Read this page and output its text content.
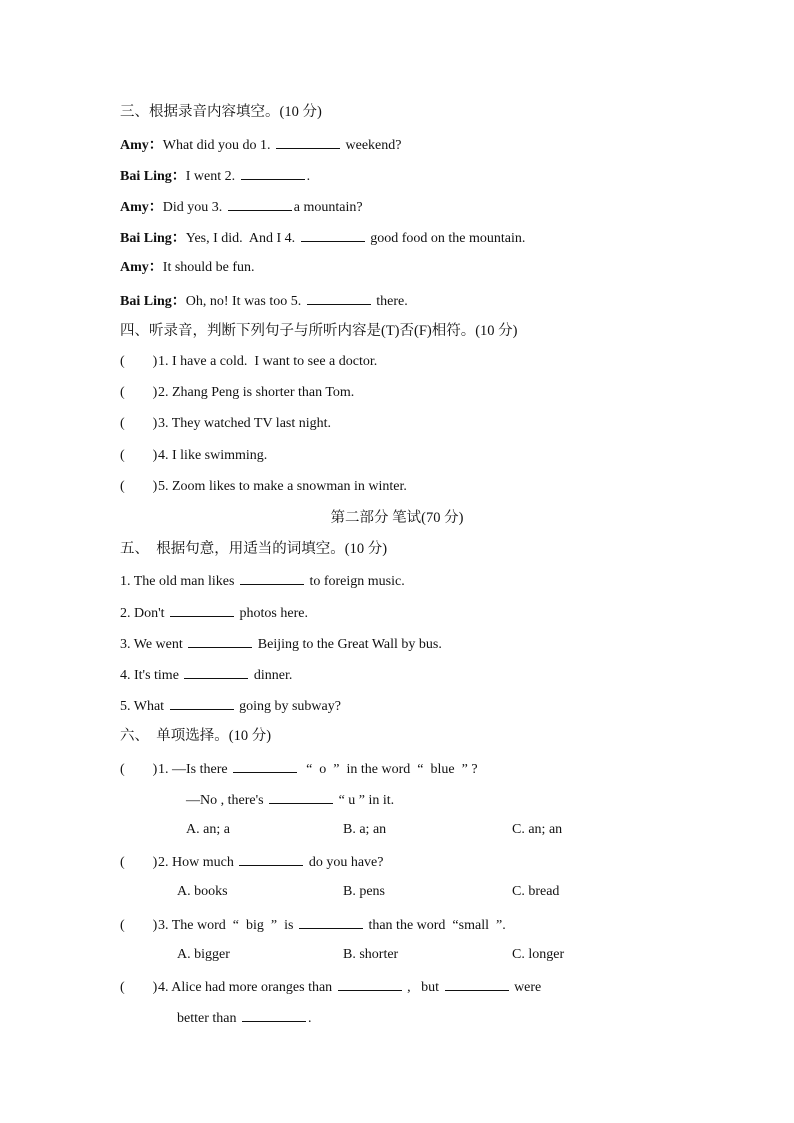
三、根据录音内容填空。(10 分)
Amy：What did you do 1.	weekend?
Bai Ling：I went 2.	.
Amy：Did you 3.	a mountain?
Bai Ling：Yes, I did.  And I 4.	good food on the mountain.
Amy：It should be fun.
Bai Ling：Oh, no! It was too 5.	there.
四、听录音，判断下列句子与所听内容是(T)否(F)相符。(10 分)
(        )1. I have a cold.  I want to see a doctor.
(        )2. Zhang Peng is shorter than Tom.
(        )3. They watched TV last night.
(        )4. I like swimming.
(        )5. Zoom likes to make a snowman in winter.
第二部分 笔试(70 分)
五、  根据句意，用适当的词填空。(10 分)
1. The old man likes	to foreign music.
2. Don't	photos here.
3. We went	Beijing to the Great Wall by bus.
4. It's time	dinner.
5. What	going by subway?
六、  单项选择。(10 分)
(        )1. —Is there	“  o  ”  in the word  “  blue  ” ?
—No , there's	“ u ” in it.
A. an; a	B. a; an	C. an; an
(        )2. How much	do you have?
A. books	B. pens	C. bread
(        )3. The word  “  big  ”  is	than the word  “small  ”.
A. bigger	B. shorter	C. longer
(        )4. Alice had more oranges than	,   but	were
better than	.
